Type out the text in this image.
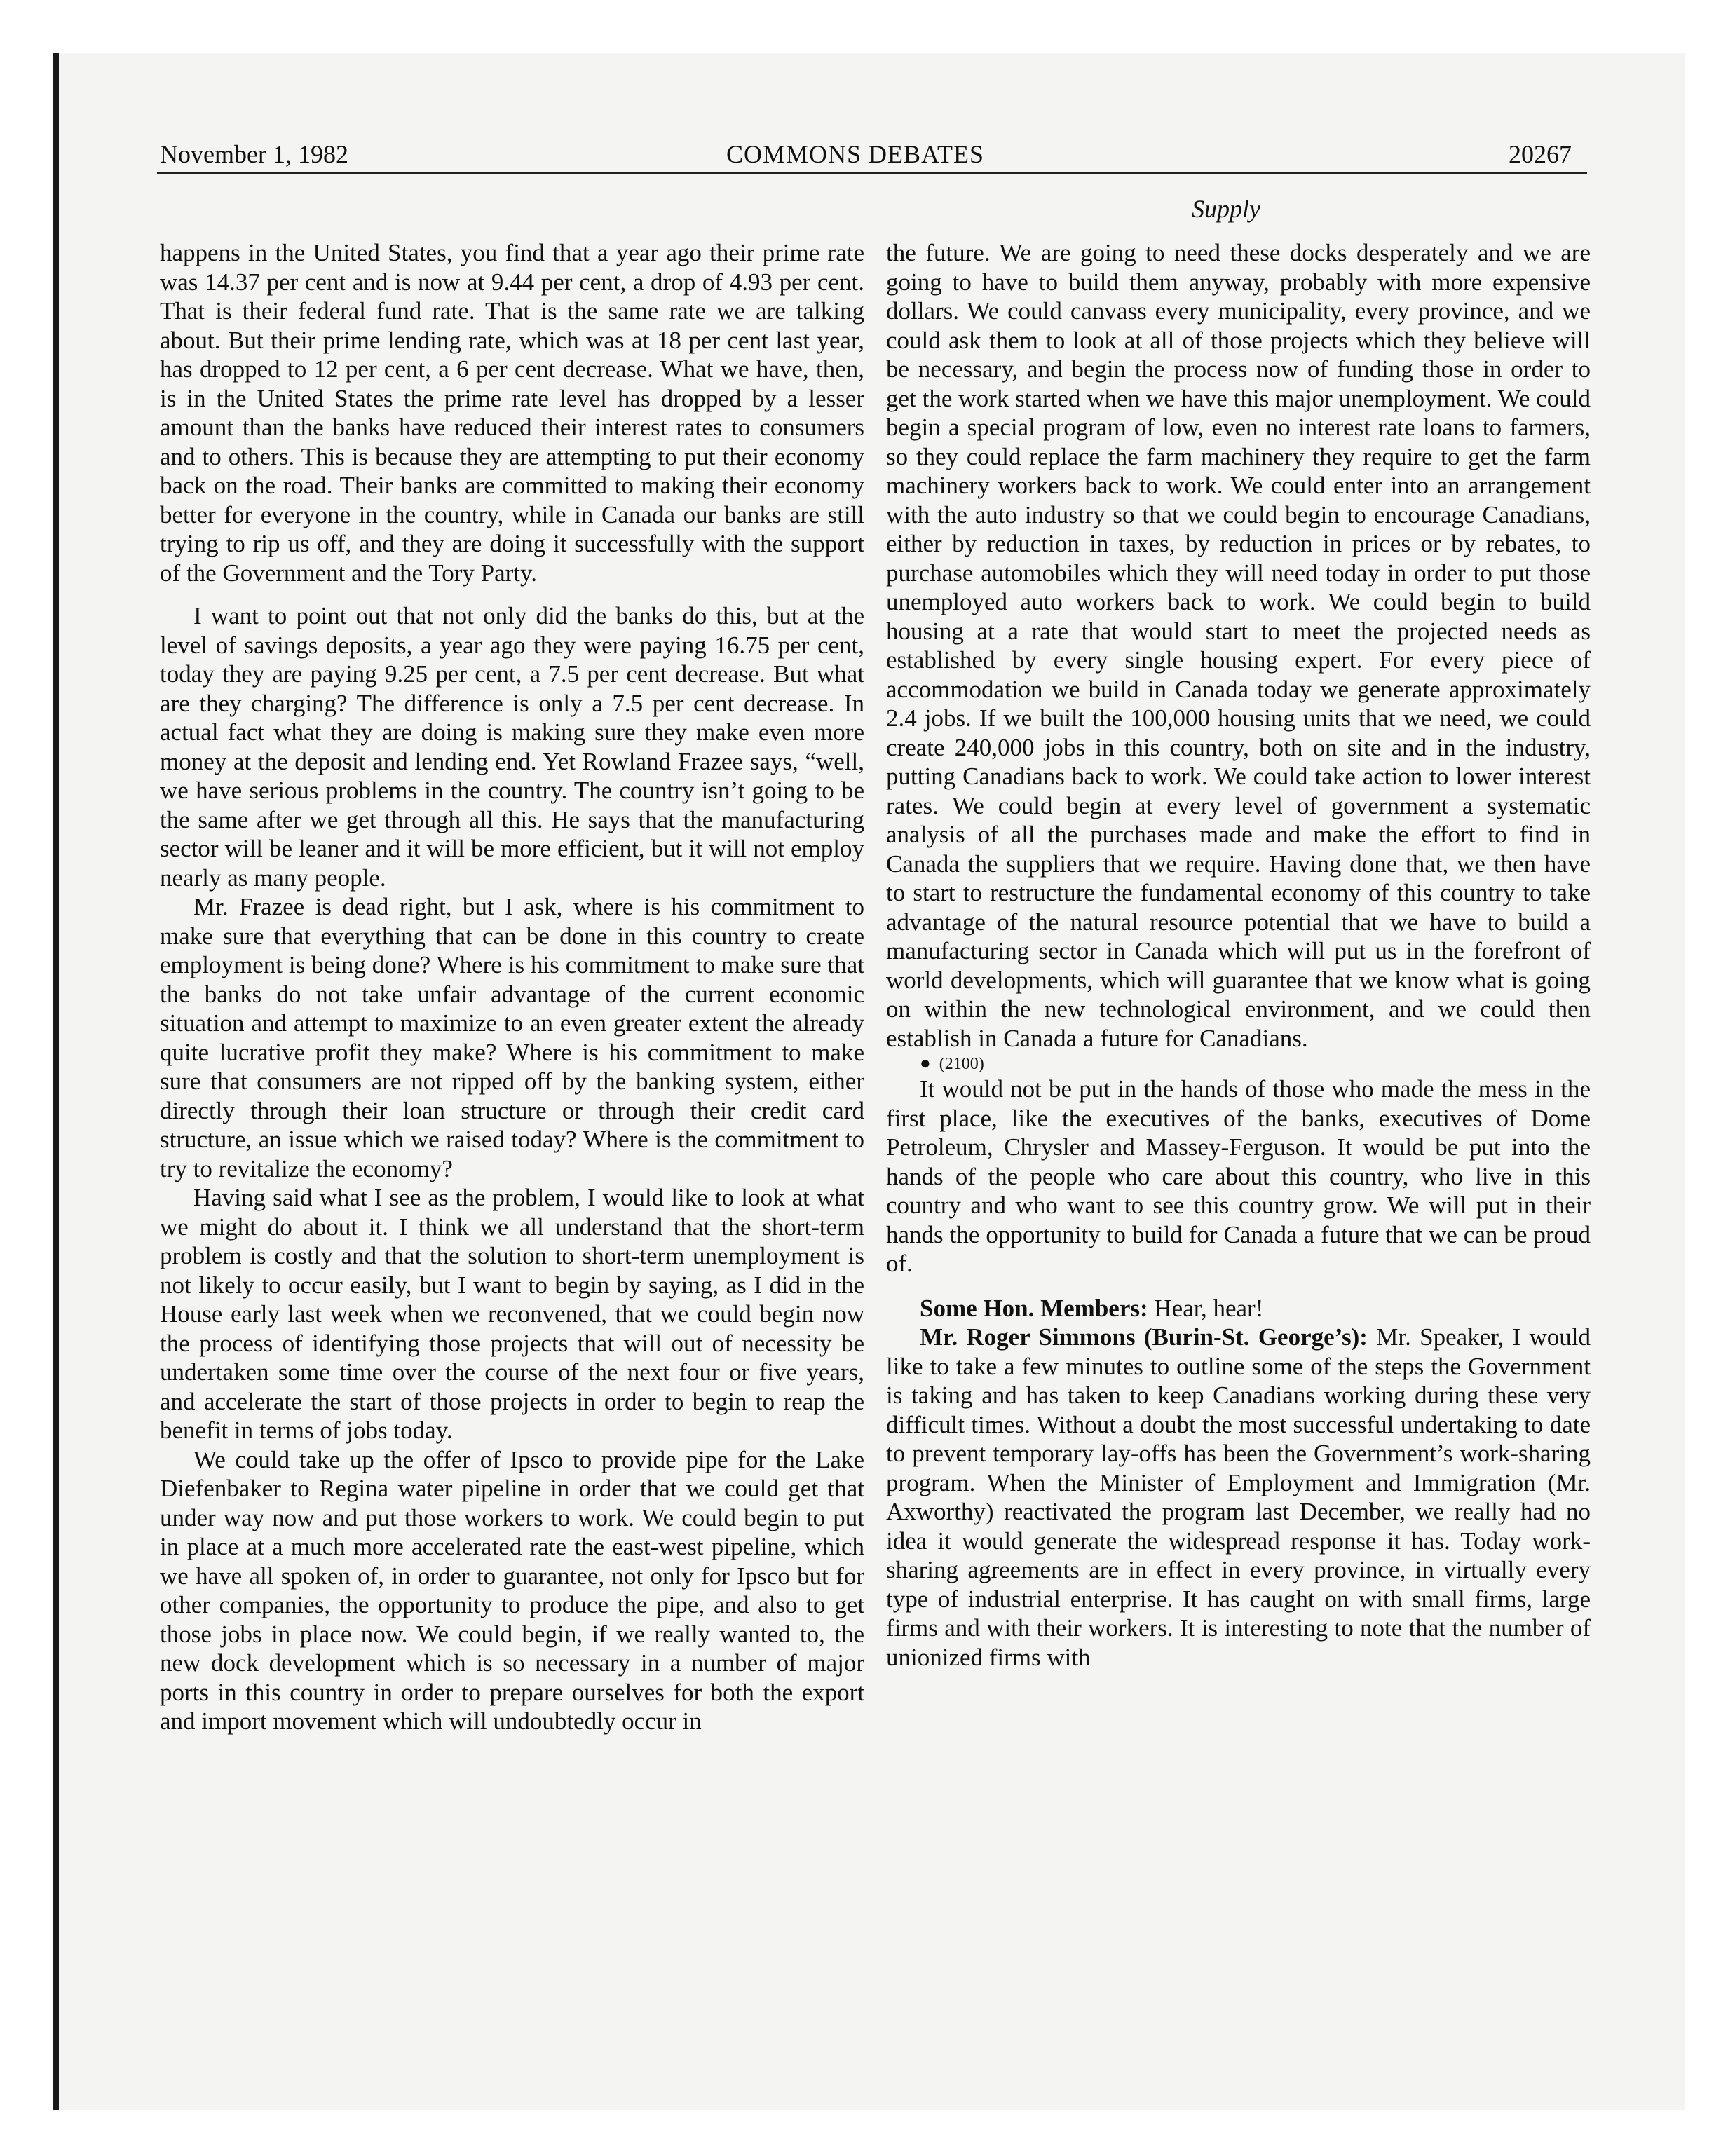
November 1, 1982	COMMONS DEBATES	20267
Supply

happens in the United States, you find that a year ago their prime rate was 14.37 per cent and is now at 9.44 per cent, a drop of 4.93 per cent. That is their federal fund rate. That is the same rate we are talking about. But their prime lending rate, which was at 18 per cent last year, has dropped to 12 per cent, a 6 per cent decrease. What we have, then, is in the United States the prime rate level has dropped by a lesser amount than the banks have reduced their interest rates to consumers and to others. This is because they are attempting to put their economy back on the road. Their banks are committed to making their economy better for everyone in the country, while in Canada our banks are still trying to rip us off, and they are doing it successfully with the support of the Government and the Tory Party.

I want to point out that not only did the banks do this, but at the level of savings deposits, a year ago they were paying 16.75 per cent, today they are paying 9.25 per cent, a 7.5 per cent decrease. But what are they charging? The difference is only a 7.5 per cent decrease. In actual fact what they are doing is making sure they make even more money at the deposit and lending end. Yet Rowland Frazee says, “well, we have serious problems in the country. The country isn’t going to be the same after we get through all this. He says that the manufacturing sector will be leaner and it will be more efficient, but it will not employ nearly as many people.

Mr. Frazee is dead right, but I ask, where is his commitment to make sure that everything that can be done in this country to create employment is being done? Where is his commitment to make sure that the banks do not take unfair advantage of the current economic situation and attempt to maximize to an even greater extent the already quite lucrative profit they make? Where is his commitment to make sure that consumers are not ripped off by the banking system, either directly through their loan structure or through their credit card structure, an issue which we raised today? Where is the commitment to try to revitalize the economy?

Having said what I see as the problem, I would like to look at what we might do about it. I think we all understand that the short-term problem is costly and that the solution to short-term unemployment is not likely to occur easily, but I want to begin by saying, as I did in the House early last week when we reconvened, that we could begin now the process of identifying those projects that will out of necessity be undertaken some time over the course of the next four or five years, and accelerate the start of those projects in order to begin to reap the benefit in terms of jobs today.

We could take up the offer of Ipsco to provide pipe for the Lake Diefenbaker to Regina water pipeline in order that we could get that under way now and put those workers to work. We could begin to put in place at a much more accelerated rate the east-west pipeline, which we have all spoken of, in order to guarantee, not only for Ipsco but for other companies, the opportunity to produce the pipe, and also to get those jobs in place now. We could begin, if we really wanted to, the new dock development which is so necessary in a number of major ports in this country in order to prepare ourselves for both the export and import movement which will undoubtedly occur in

the future. We are going to need these docks desperately and we are going to have to build them anyway, probably with more expensive dollars. We could canvass every municipality, every province, and we could ask them to look at all of those projects which they believe will be necessary, and begin the process now of funding those in order to get the work started when we have this major unemployment. We could begin a special program of low, even no interest rate loans to farmers, so they could replace the farm machinery they require to get the farm machinery workers back to work. We could enter into an arrangement with the auto industry so that we could begin to encourage Canadians, either by reduction in taxes, by reduction in prices or by rebates, to purchase automobiles which they will need today in order to put those unemployed auto workers back to work. We could begin to build housing at a rate that would start to meet the projected needs as established by every single housing expert. For every piece of accommodation we build in Canada today we generate approximately 2.4 jobs. If we built the 100,000 housing units that we need, we could create 240,000 jobs in this country, both on site and in the industry, putting Canadians back to work. We could take action to lower interest rates. We could begin at every level of government a systematic analysis of all the purchases made and make the effort to find in Canada the suppliers that we require. Having done that, we then have to start to restructure the fundamental economy of this country to take advantage of the natural resource potential that we have to build a manufacturing sector in Canada which will put us in the forefront of world developments, which will guarantee that we know what is going on within the new technological environment, and we could then establish in Canada a future for Canadians.

● (2100)

It would not be put in the hands of those who made the mess in the first place, like the executives of the banks, executives of Dome Petroleum, Chrysler and Massey-Ferguson. It would be put into the hands of the people who care about this country, who live in this country and who want to see this country grow. We will put in their hands the opportunity to build for Canada a future that we can be proud of.

Some Hon. Members: Hear, hear!

Mr. Roger Simmons (Burin-St. George’s): Mr. Speaker, I would like to take a few minutes to outline some of the steps the Government is taking and has taken to keep Canadians working during these very difficult times. Without a doubt the most successful undertaking to date to prevent temporary lay-offs has been the Government’s work-sharing program. When the Minister of Employment and Immigration (Mr. Axworthy) reactivated the program last December, we really had no idea it would generate the widespread response it has. Today work-sharing agreements are in effect in every province, in virtually every type of industrial enterprise. It has caught on with small firms, large firms and with their workers. It is interesting to note that the number of unionized firms with
